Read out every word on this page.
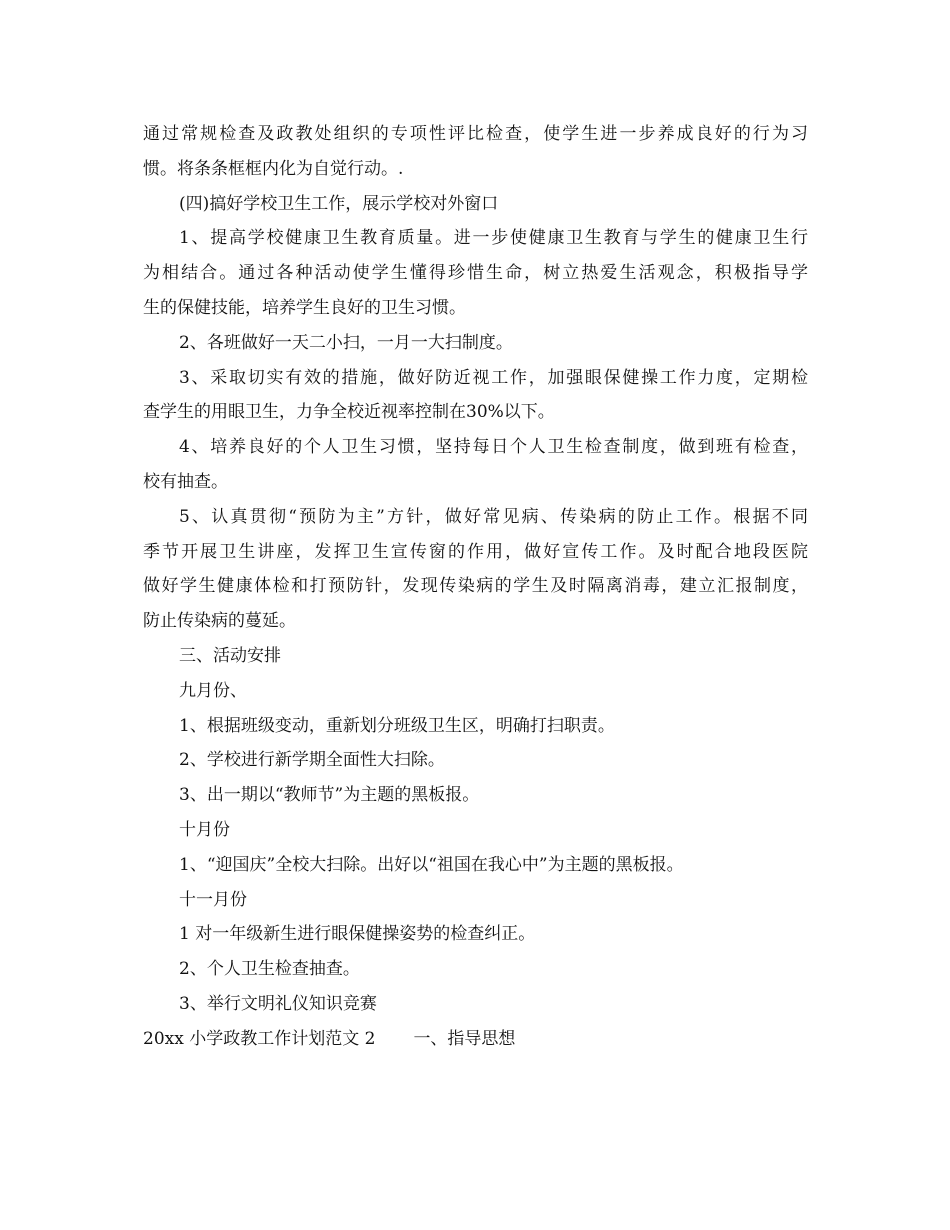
通过常规检查及政教处组织的专项性评比检查，使学生进一步养成良好的行为习
惯。将条条框框内化为自觉行动。.
(四)搞好学校卫生工作，展示学校对外窗口
1、提高学校健康卫生教育质量。进一步使健康卫生教育与学生的健康卫生行
为相结合。通过各种活动使学生懂得珍惜生命，树立热爱生活观念，积极指导学
生的保健技能，培养学生良好的卫生习惯。
2、各班做好一天二小扫，一月一大扫制度。
3、采取切实有效的措施，做好防近视工作，加强眼保健操工作力度，定期检
查学生的用眼卫生，力争全校近视率控制在30%以下。
4、培养良好的个人卫生习惯，坚持每日个人卫生检查制度，做到班有检查，
校有抽查。
5、认真贯彻“预防为主”方针，做好常见病、传染病的防止工作。根据不同
季节开展卫生讲座，发挥卫生宣传窗的作用，做好宣传工作。及时配合地段医院
做好学生健康体检和打预防针，发现传染病的学生及时隔离消毒，建立汇报制度，
防止传染病的蔓延。
三、活动安排
九月份、
1、根据班级变动，重新划分班级卫生区，明确打扫职责。
2、学校进行新学期全面性大扫除。
3、出一期以“教师节”为主题的黑板报。
十月份
1、“迎国庆”全校大扫除。出好以“祖国在我心中”为主题的黑板报。
十一月份
1 对一年级新生进行眼保健操姿势的检查纠正。
2、个人卫生检查抽查。
3、举行文明礼仪知识竞赛
20xx 小学政教工作计划范文 2 一、指导思想
